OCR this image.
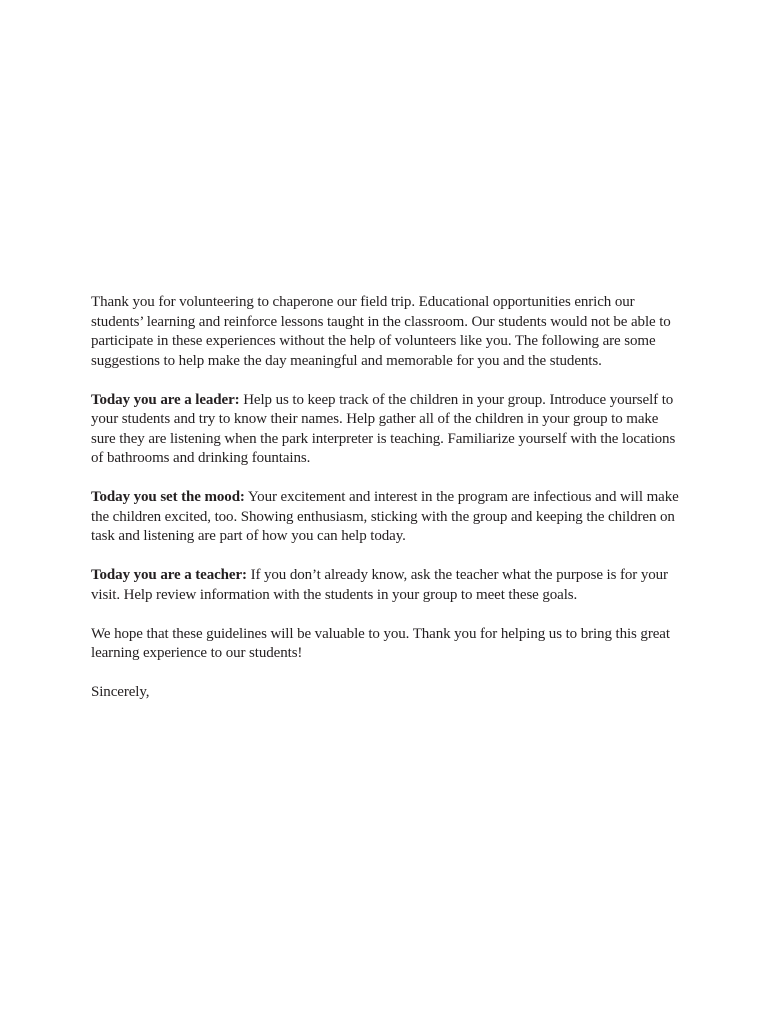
Thank you for volunteering to chaperone our field trip. Educational opportunities enrich our students’ learning and reinforce lessons taught in the classroom. Our students would not be able to participate in these experiences without the help of volunteers like you. The following are some suggestions to help make the day meaningful and memorable for you and the students.

Today you are a leader: Help us to keep track of the children in your group. Introduce yourself to your students and try to know their names. Help gather all of the children in your group to make sure they are listening when the park interpreter is teaching. Familiarize yourself with the locations of bathrooms and drinking fountains.

Today you set the mood: Your excitement and interest in the program are infectious and will make the children excited, too. Showing enthusiasm, sticking with the group and keeping the children on task and listening are part of how you can help today.

Today you are a teacher: If you don’t already know, ask the teacher what the purpose is for your visit. Help review information with the students in your group to meet these goals.

We hope that these guidelines will be valuable to you. Thank you for helping us to bring this great learning experience to our students!

Sincerely,
